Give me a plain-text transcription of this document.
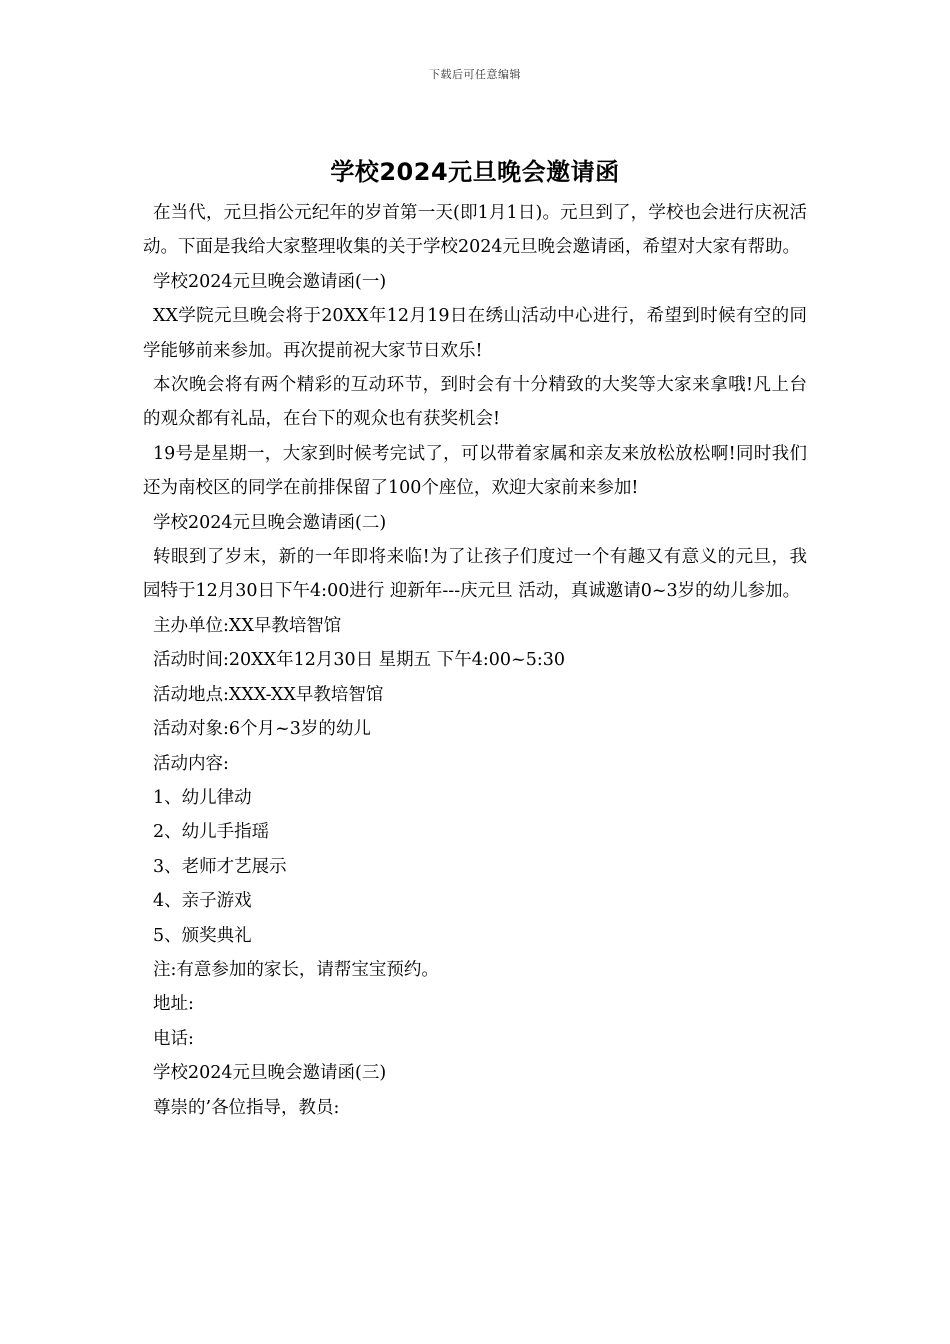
下载后可任意编辑
学校2024元旦晚会邀请函

在当代，元旦指公元纪年的岁首第一天(即1月1日)。元旦到了，学校也会进行庆祝活动。下面是我给大家整理收集的关于学校2024元旦晚会邀请函，希望对大家有帮助。

学校2024元旦晚会邀请函(一)

XX学院元旦晚会将于20XX年12月19日在绣山活动中心进行，希望到时候有空的同学能够前来参加。再次提前祝大家节日欢乐!

本次晚会将有两个精彩的互动环节，到时会有十分精致的大奖等大家来拿哦!凡上台的观众都有礼品，在台下的观众也有获奖机会!

19号是星期一，大家到时候考完试了，可以带着家属和亲友来放松放松啊!同时我们还为南校区的同学在前排保留了100个座位，欢迎大家前来参加!

学校2024元旦晚会邀请函(二)

转眼到了岁末，新的一年即将来临!为了让孩子们度过一个有趣又有意义的元旦，我园特于12月30日下午4:00进行 迎新年---庆元旦 活动，真诚邀请0~3岁的幼儿参加。

主办单位:XX早教培智馆

活动时间:20XX年12月30日 星期五 下午4:00~5:30

活动地点:XXX-XX早教培智馆

活动对象:6个月~3岁的幼儿

活动内容:

1、幼儿律动

2、幼儿手指瑶

3、老师才艺展示

4、亲子游戏

5、颁奖典礼

注:有意参加的家长，请帮宝宝预约。

地址:

电话:

学校2024元旦晚会邀请函(三)

尊崇的’各位指导，教员:
